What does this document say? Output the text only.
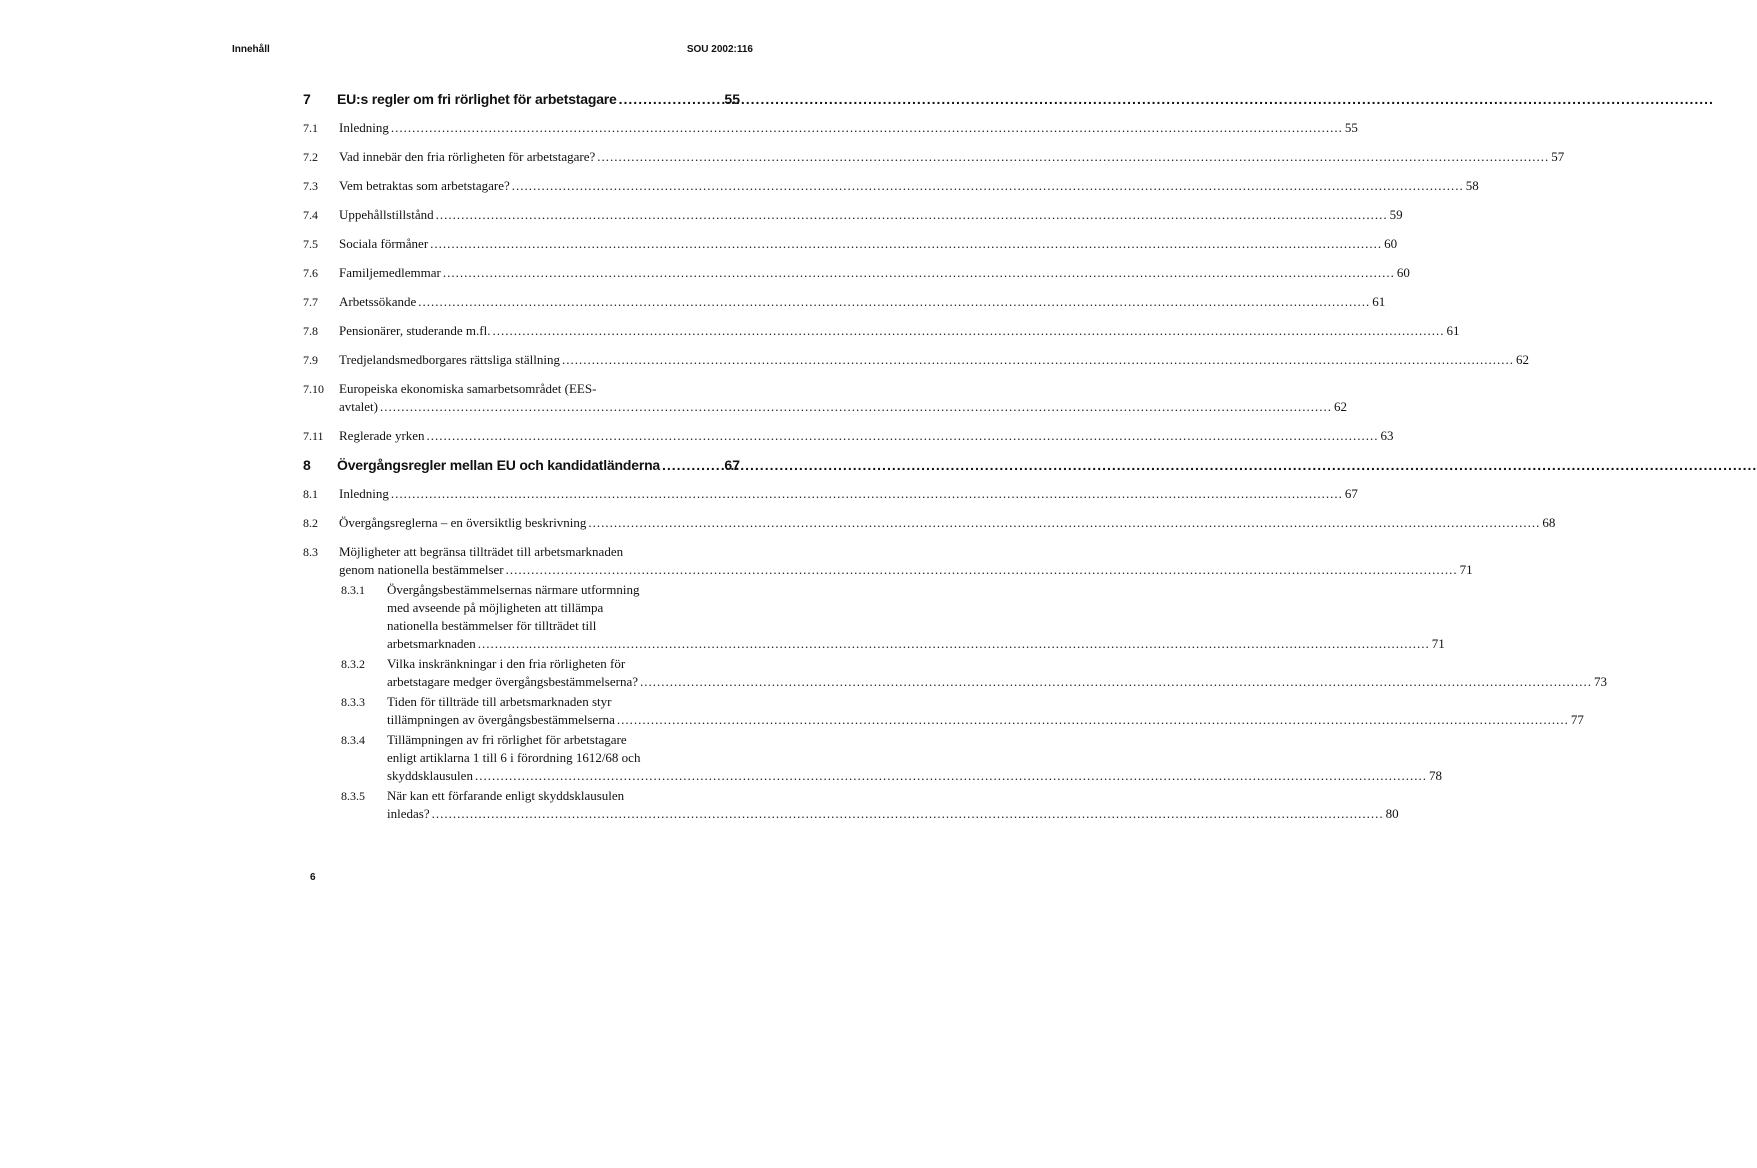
Innehåll	SOU 2002:116
7	EU:s regler om fri rörlighet för arbetstagare .....	55
7.1	Inledning .....	55
7.2	Vad innebär den fria rörligheten för arbetstagare? .....	57
7.3	Vem betraktas som arbetstagare? .....	58
7.4	Uppehållstillstånd .....	59
7.5	Sociala förmåner .....	60
7.6	Familjemedlemmar .....	60
7.7	Arbetssökande .....	61
7.8	Pensionärer, studerande m.fl. .....	61
7.9	Tredjelandsmedborgares rättsliga ställning .....	62
7.10	Europeiska ekonomiska samarbetsområdet (EES-
avtalet) .....	62
7.11	Reglerade yrken .....	63
8	Övergångsregler mellan EU och kandidatländerna .....	67
8.1	Inledning .....	67
8.2	Övergångsreglerna – en översiktlig beskrivning .....	68
8.3	Möjligheter att begränsa tillträdet till arbetsmarknaden
genom nationella bestämmelser .....	71
8.3.1	Övergångsbestämmelsernas närmare utformning
med avseende på möjligheten att tillämpa
nationella bestämmelser för tillträdet till
arbetsmarknaden .....	71
8.3.2	Vilka inskränkningar i den fria rörligheten för
arbetstagare medger övergångsbestämmelserna? .....	73
8.3.3	Tiden för tillträde till arbetsmarknaden styr
tillämpningen av övergångsbestämmelserna .....	77
8.3.4	Tillämpningen av fri rörlighet för arbetstagare
enligt artiklarna 1 till 6 i förordning 1612/68 och
skyddsklausulen .....	78
8.3.5	När kan ett förfarande enligt skyddsklausulen
inledas? .....	80
6
